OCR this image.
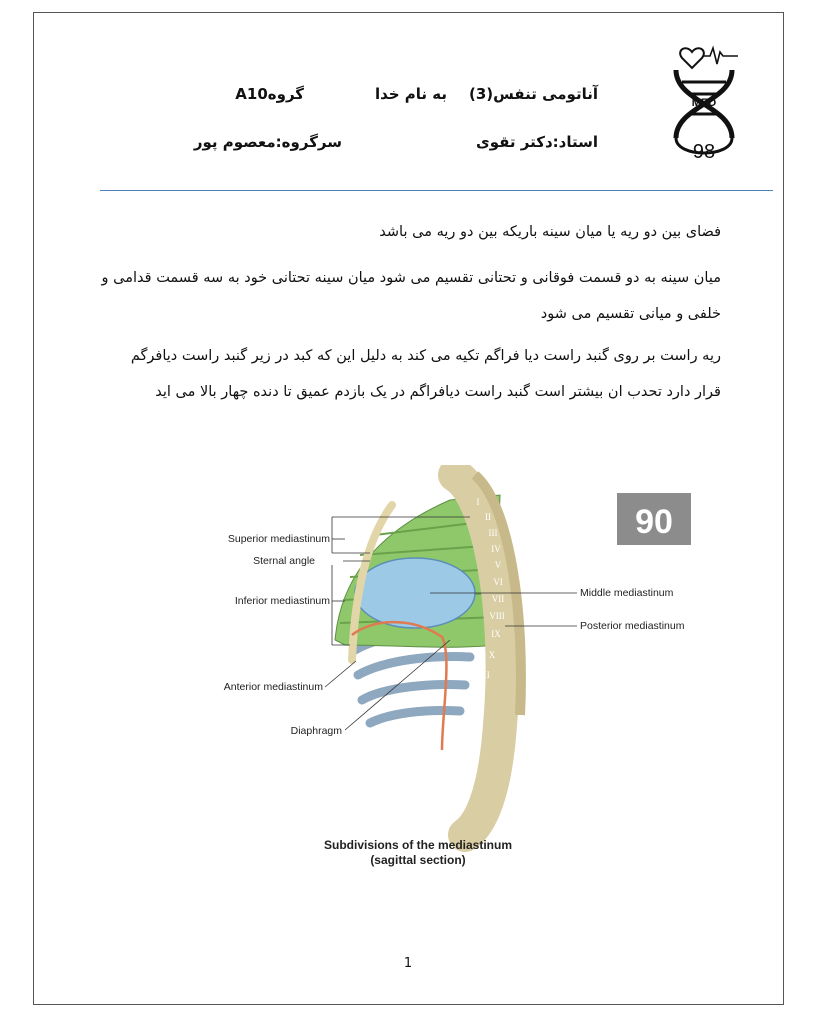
آناتومی تنفس(3)
به نام خدا
گروهA10
استاد:دکتر تقوی
سرگروه:معصوم پور
MED
98
فضای بین دو ریه یا میان سینه باریکه بین دو ریه می باشد
میان سینه به دو قسمت فوقانی و تحتانی تقسیم می شود میان سینه تحتانی خود به سه قسمت قدامی و خلفی و میانی تقسیم می شود
ریه راست بر روی گنبد راست دیا فراگم تکیه می کند به دلیل این که کبد در زیر گنبد راست دیافرگم قرار دارد تحدب ان بیشتر است گنبد راست دیافراگم در یک بازدم عمیق تا دنده چهار بالا می اید
90
I
II
III
IV
V
VI
VII
VIII
IX
X
XI
XII
Superior mediastinum
Sternal angle
Inferior mediastinum
Anterior mediastinum
Diaphragm
Middle mediastinum
Posterior mediastinum
Subdivisions of the mediastinum
(sagittal section)
1
